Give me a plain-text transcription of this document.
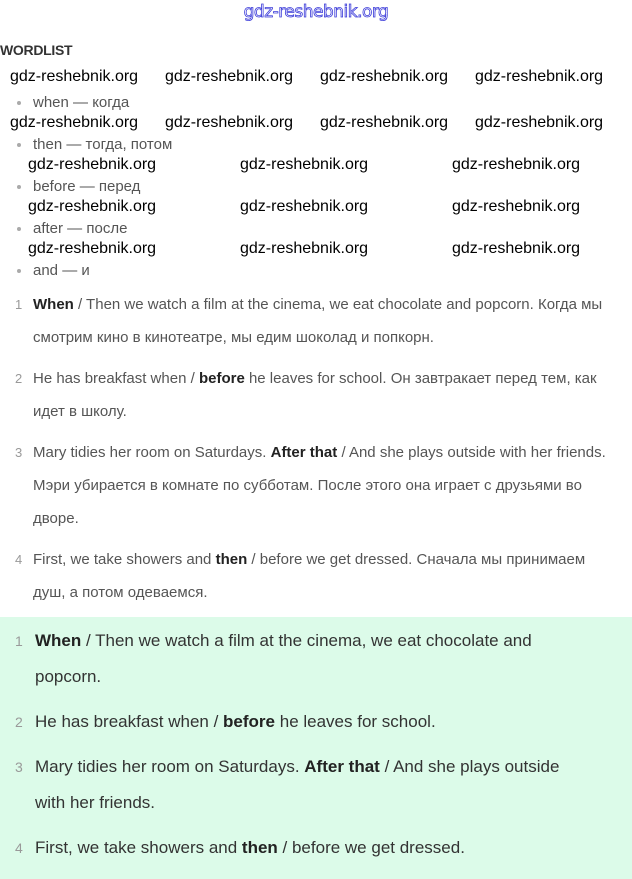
gdz-reshebnik.org
WORDLIST
gdz-reshebnik.org gdz-reshebnik.org gdz-reshebnik.org gdz-reshebnik.org
when — когда
gdz-reshebnik.org gdz-reshebnik.org gdz-reshebnik.org gdz-reshebnik.org
then — тогда, потом
gdz-reshebnik.org	gdz-reshebnik.org	gdz-reshebnik.org
before — перед
gdz-reshebnik.org	gdz-reshebnik.org	gdz-reshebnik.org
after — после
gdz-reshebnik.org	gdz-reshebnik.org	gdz-reshebnik.org
and — и
1 When / Then we watch a film at the cinema, we eat chocolate and popcorn. Когда мы смотрим кино в кинотеатре, мы едим шоколад и попкорн.
2 He has breakfast when / before he leaves for school. Он завтракает перед тем, как идет в школу.
3 Mary tidies her room on Saturdays. After that / And she plays outside with her friends. Мэри убирается в комнате по субботам. После этого она играет с друзьями во дворе.
4 First, we take showers and then / before we get dressed. Сначала мы принимаем душ, а потом одеваемся.
1 When / Then we watch a film at the cinema, we eat chocolate and popcorn.
2 He has breakfast when / before he leaves for school.
3 Mary tidies her room on Saturdays. After that / And she plays outside with her friends.
4 First, we take showers and then / before we get dressed.
